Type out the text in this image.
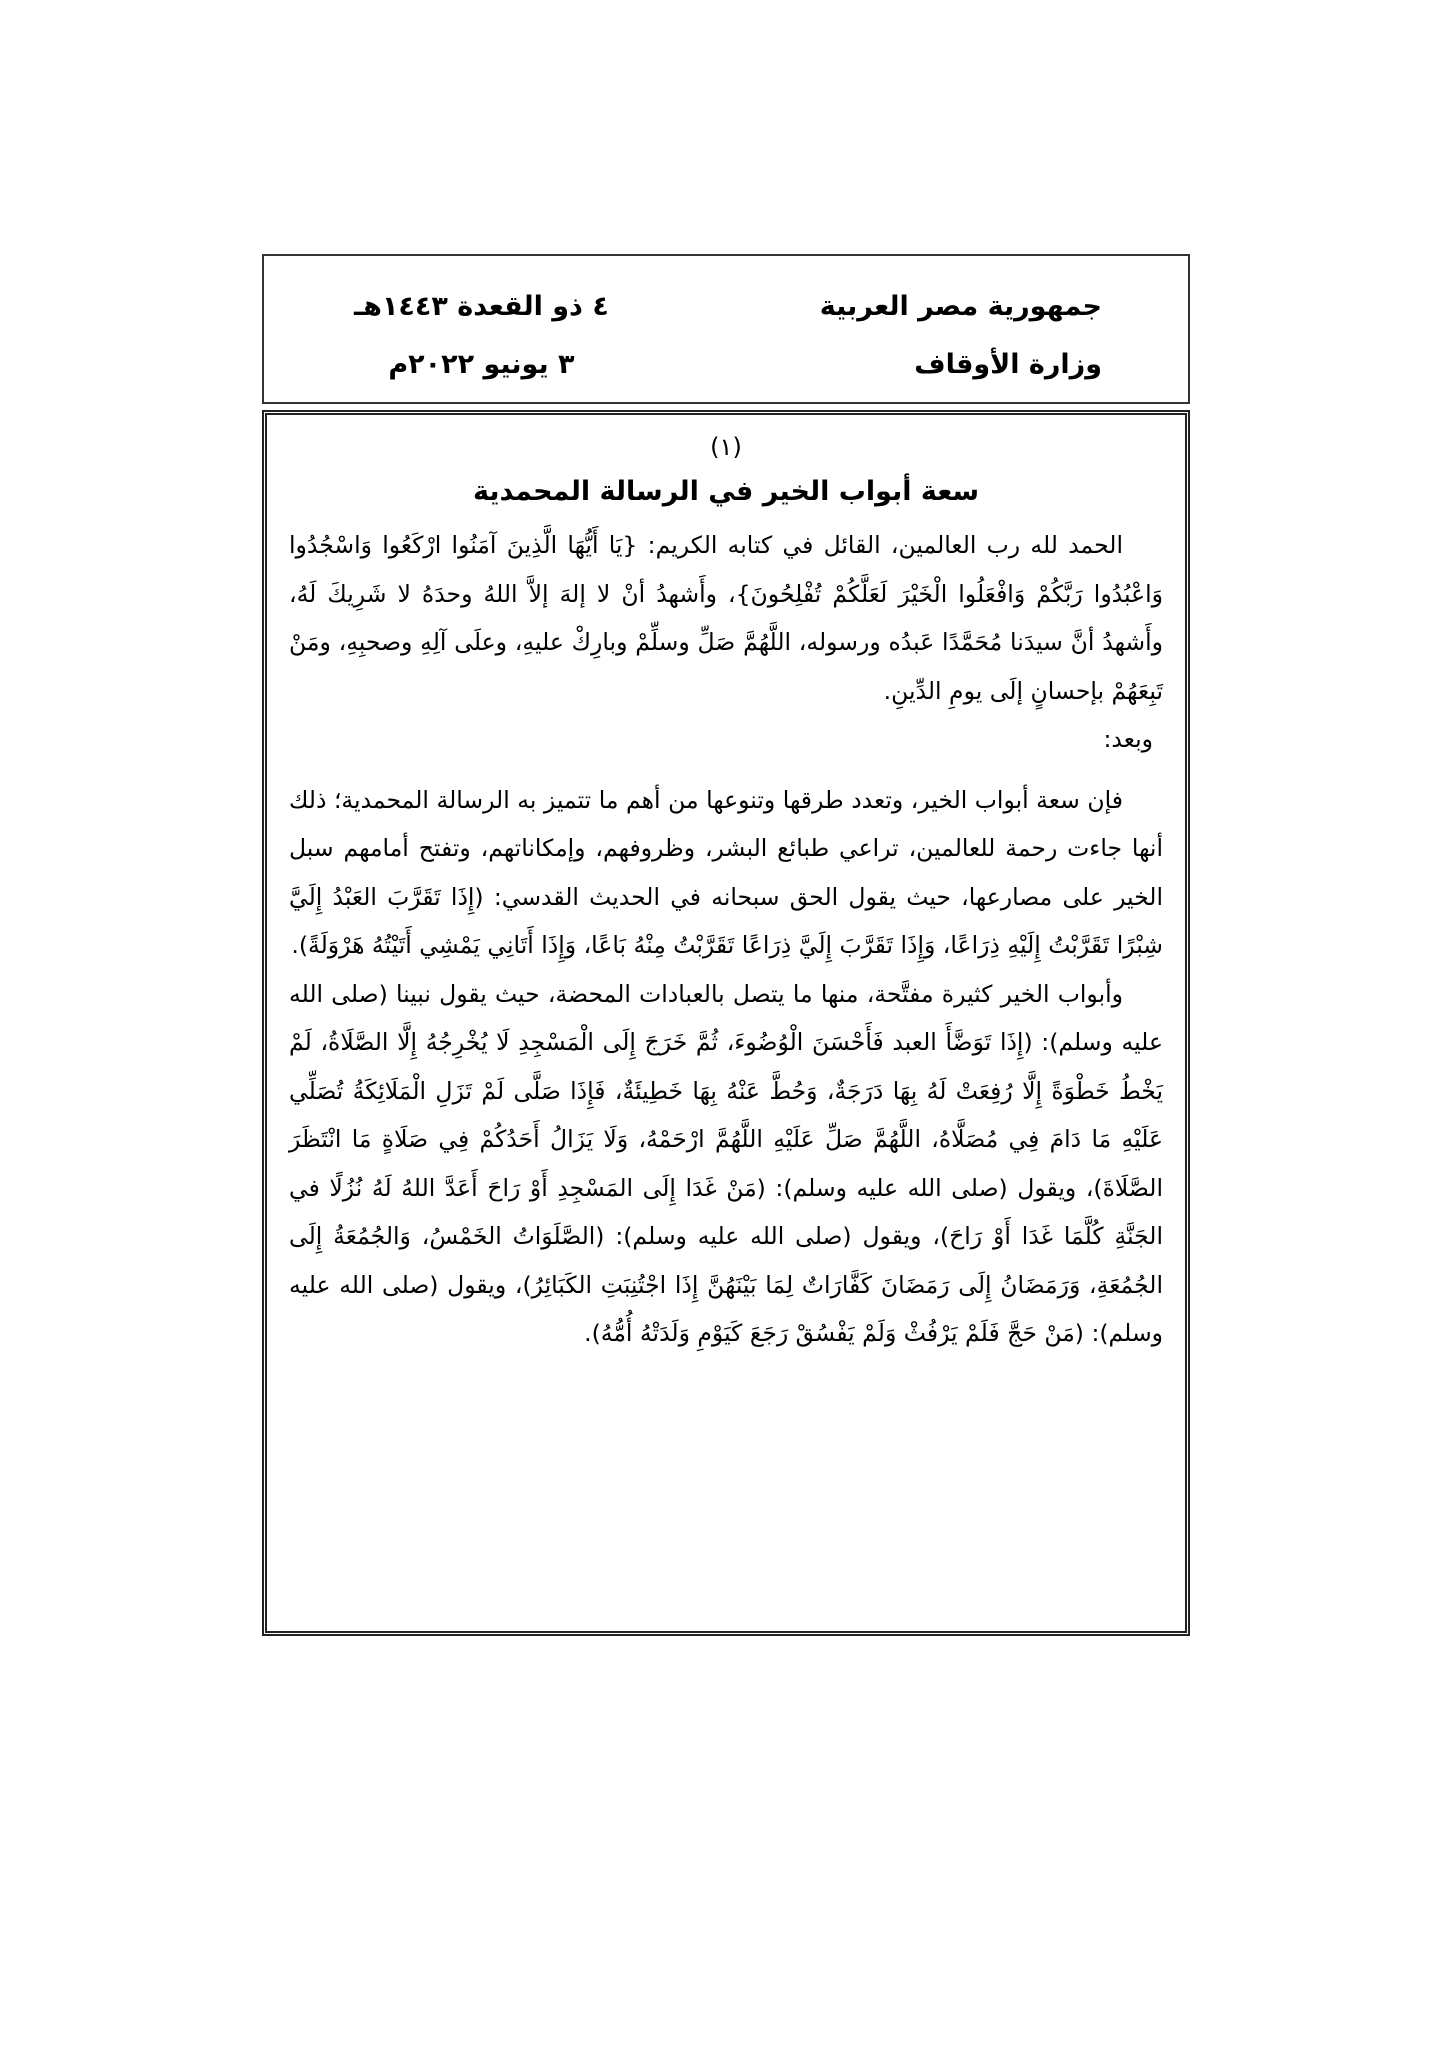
جمهورية مصر العربية
وزارة الأوقاف
٤ ذو القعدة ١٤٤٣هـ
٣ يونيو ٢٠٢٢م

(١)

سعة أبواب الخير في الرسالة المحمدية

الحمد لله رب العالمين، القائل في كتابه الكريم: {يَا أَيُّهَا الَّذِينَ آمَنُوا ارْكَعُوا وَاسْجُدُوا وَاعْبُدُوا رَبَّكُمْ وَافْعَلُوا الْخَيْرَ لَعَلَّكُمْ تُفْلِحُونَ}، وأَشهدُ أنْ لا إلهَ إلاَّ اللهُ وحدَهُ لا شَرِيكَ لَهُ، وأَشهدُ أنَّ سيدَنا مُحَمَّدًا عَبدُه ورسوله، اللَّهُمَّ صَلِّ وسلِّمْ وبارِكْ عليهِ، وعلَى آلِهِ وصحبِهِ، ومَنْ تَبِعَهُمْ بإحسانٍ إلَى يومِ الدِّينِ.

وبعد:

فإن سعة أبواب الخير، وتعدد طرقها وتنوعها من أهم ما تتميز به الرسالة المحمدية؛ ذلك أنها جاءت رحمة للعالمين، تراعي طبائع البشر، وظروفهم، وإمكاناتهم، وتفتح أمامهم سبل الخير على مصارعها، حيث يقول الحق سبحانه في الحديث القدسي: (إِذَا تَقَرَّبَ العَبْدُ إِلَيَّ شِبْرًا تَقَرَّبْتُ إِلَيْهِ ذِرَاعًا، وَإِذَا تَقَرَّبَ إِلَيَّ ذِرَاعًا تَقَرَّبْتُ مِنْهُ بَاعًا، وَإِذَا أَتَانِي يَمْشِي أَتَيْتُهُ هَرْوَلَةً).

وأبواب الخير كثيرة مفتَّحة، منها ما يتصل بالعبادات المحضة، حيث يقول نبينا (صلى الله عليه وسلم): (إِذَا تَوَضَّأَ العبد فَأَحْسَنَ الْوُضُوءَ، ثُمَّ خَرَجَ إِلَى الْمَسْجِدِ لَا يُخْرِجُهُ إِلَّا الصَّلَاةُ، لَمْ يَخْطُ خَطْوَةً إِلَّا رُفِعَتْ لَهُ بِهَا دَرَجَةٌ، وَحُطَّ عَنْهُ بِهَا خَطِيئَةٌ، فَإِذَا صَلَّى لَمْ تَزَلِ الْمَلَائِكَةُ تُصَلِّي عَلَيْهِ مَا دَامَ فِي مُصَلَّاهُ، اللَّهُمَّ صَلِّ عَلَيْهِ اللَّهُمَّ ارْحَمْهُ، وَلَا يَزَالُ أَحَدُكُمْ فِي صَلَاةٍ مَا انْتَظَرَ الصَّلَاةَ)، ويقول (صلى الله عليه وسلم): (مَنْ غَدَا إِلَى المَسْجِدِ أَوْ رَاحَ أَعَدَّ اللهُ لَهُ نُزُلًا في الجَنَّةِ كُلَّمَا غَدَا أَوْ رَاحَ)، ويقول (صلى الله عليه وسلم): (الصَّلَوَاتُ الخَمْسُ، وَالجُمُعَةُ إِلَى الجُمُعَةِ، وَرَمَضَانُ إِلَى رَمَضَانَ كَفَّارَاتٌ لِمَا بَيْنَهُنَّ إِذَا اجْتُنِبَتِ الكَبَائِرُ)، ويقول (صلى الله عليه وسلم): (مَنْ حَجَّ فَلَمْ يَرْفُثْ وَلَمْ يَفْسُقْ رَجَعَ كَيَوْمِ وَلَدَتْهُ أُمُّهُ).
